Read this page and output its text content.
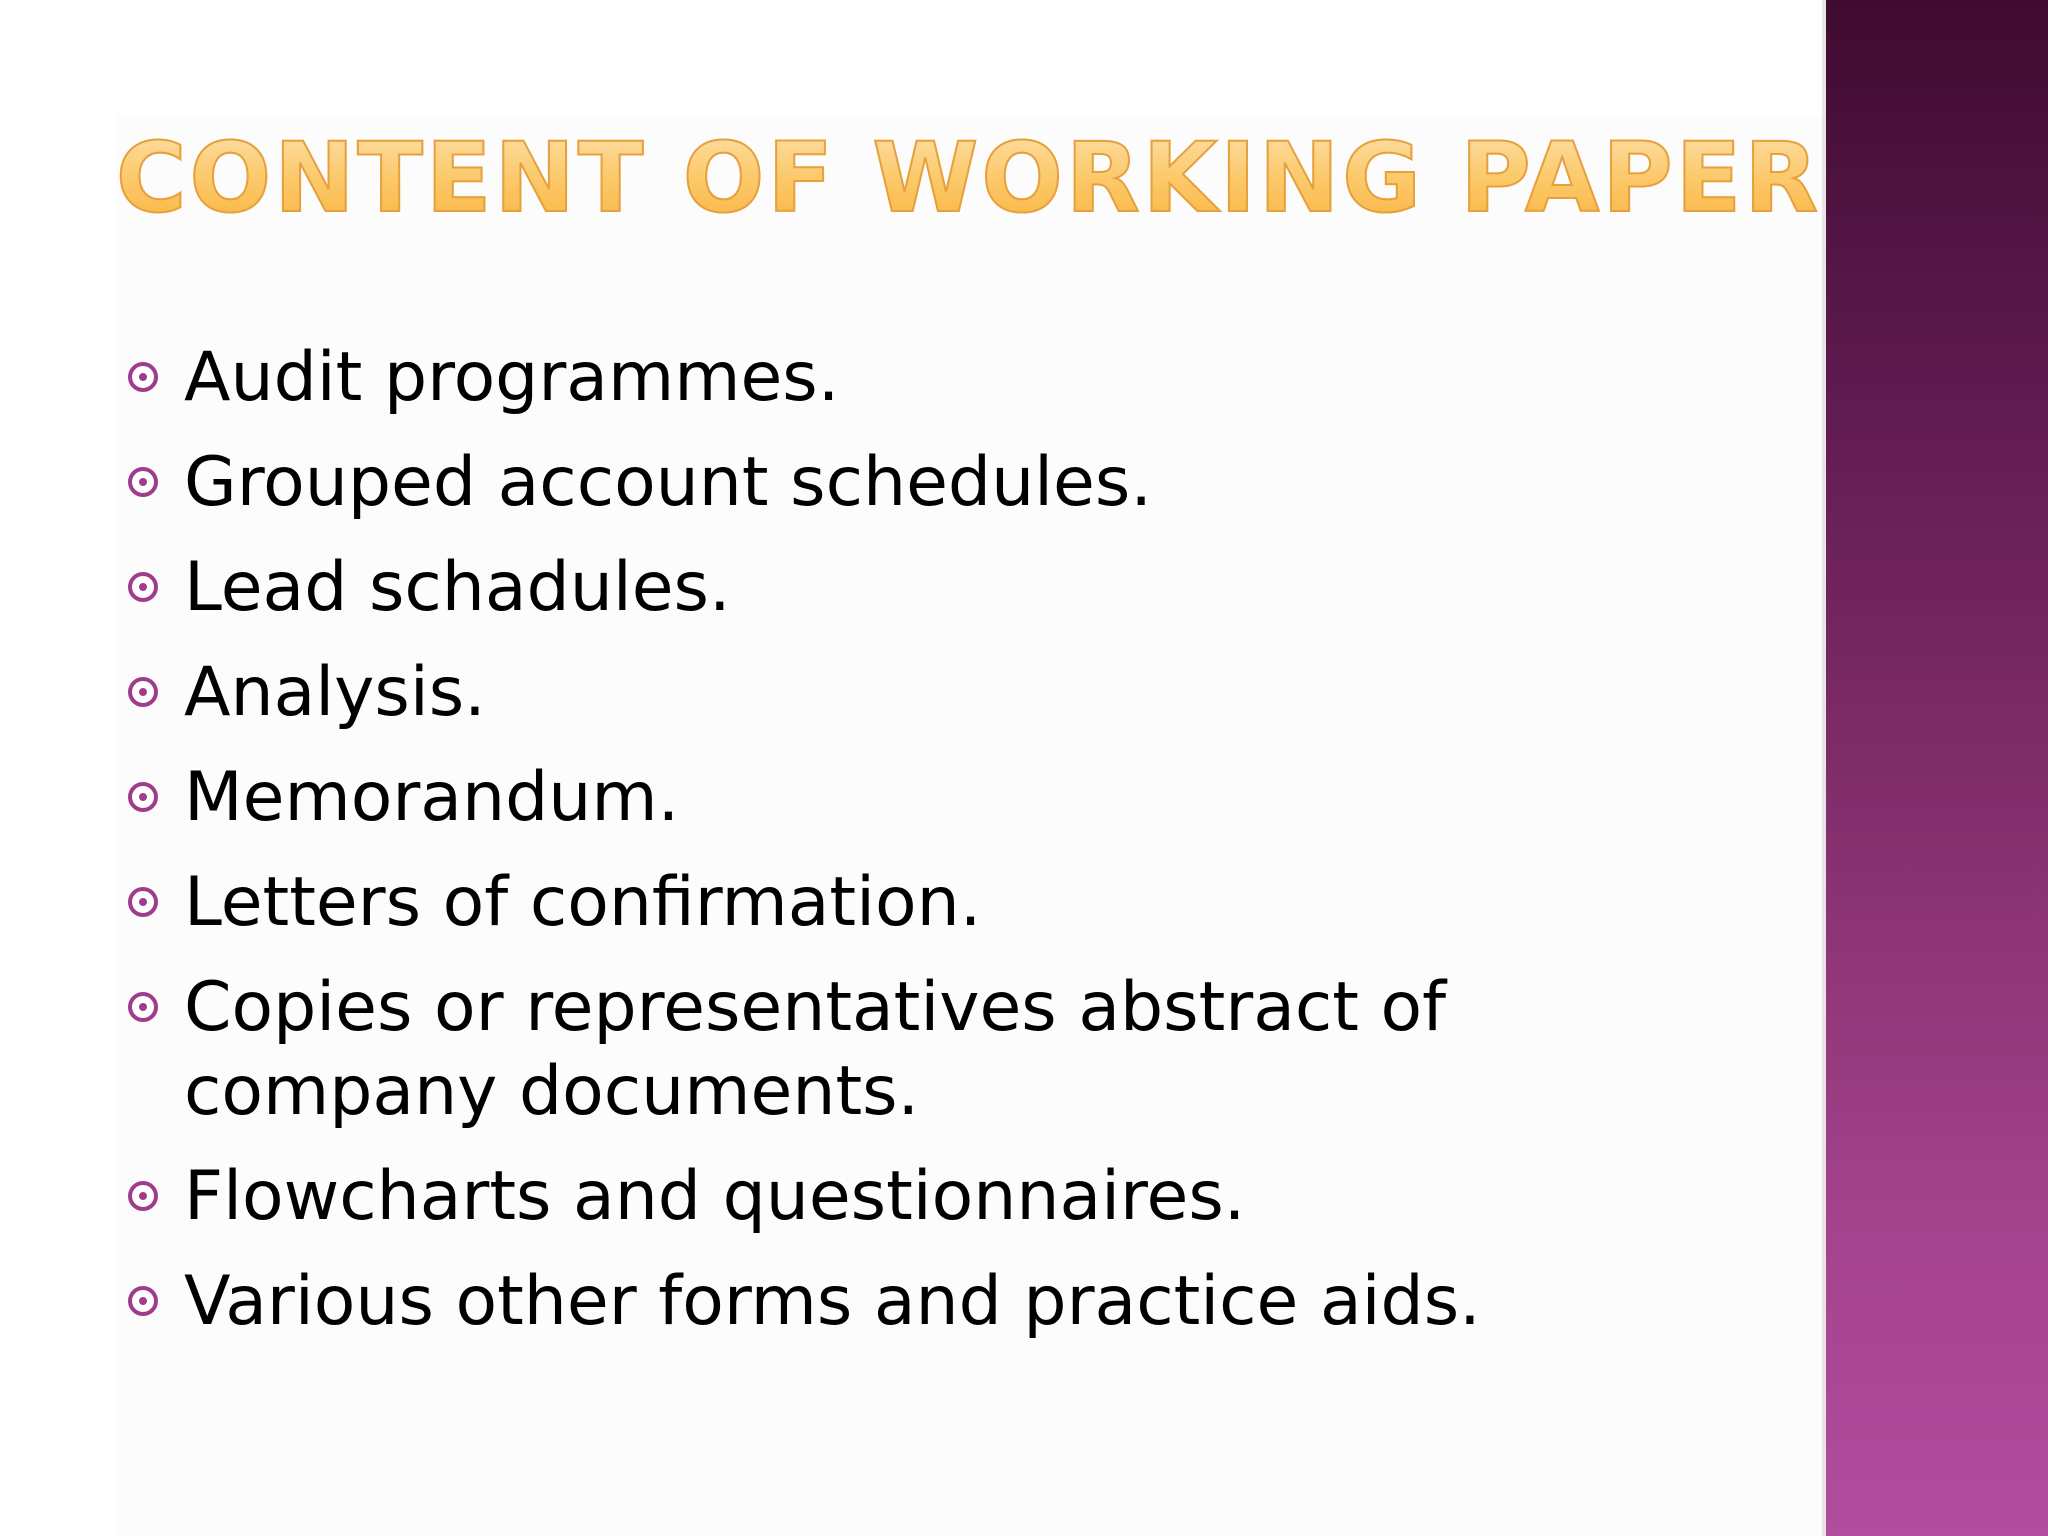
CONTENT OF WORKING PAPER
Audit programmes.
Grouped account schedules.
Lead schadules.
Analysis.
Memorandum.
Letters of confirmation.
Copies or representatives abstract of company documents.
Flowcharts and questionnaires.
Various other forms and practice aids.
